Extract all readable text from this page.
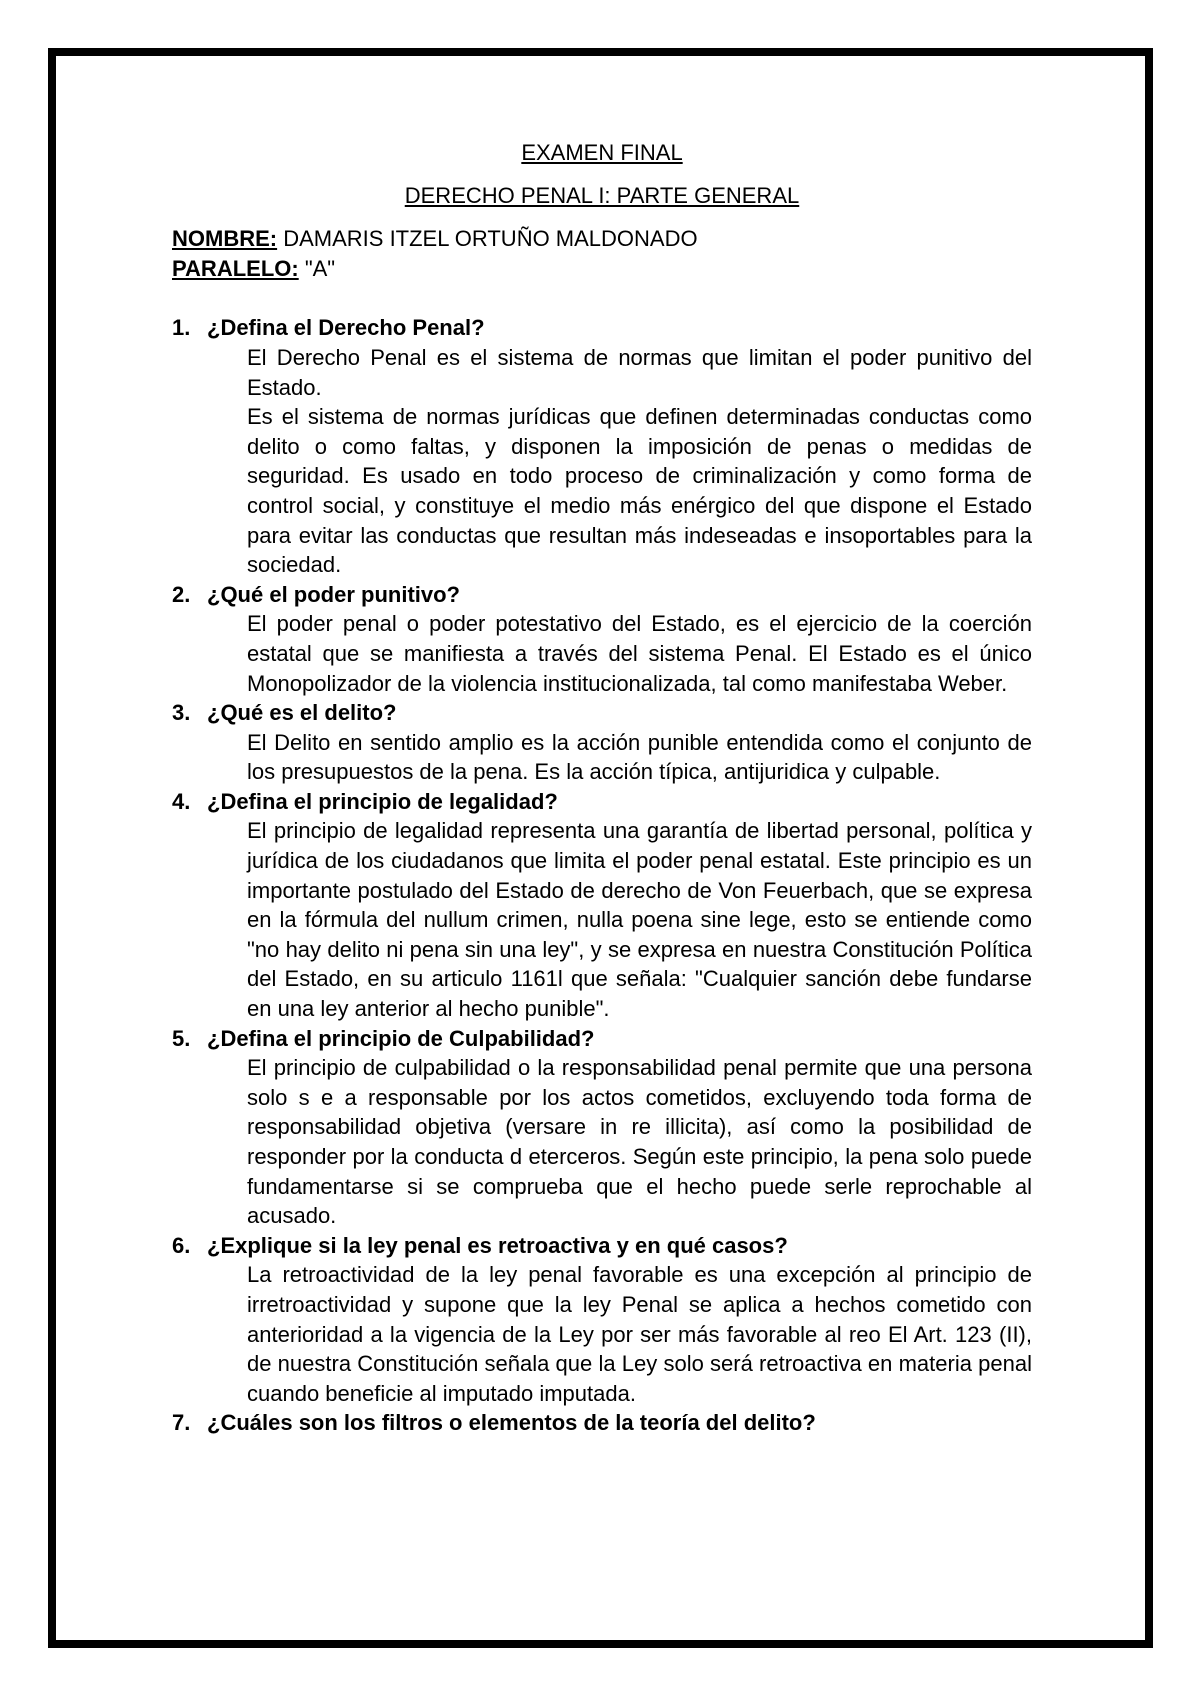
EXAMEN FINAL
DERECHO PENAL I: PARTE GENERAL

NOMBRE: DAMARIS ITZEL ORTUÑO MALDONADO

PARALELO: "A"

1. ¿Defina el Derecho Penal?

El Derecho Penal es el sistema de normas que limitan el poder punitivo del Estado.

Es el sistema de normas jurídicas que definen determinadas conductas como delito o como faltas, y disponen la imposición de penas o medidas de seguridad. Es usado en todo proceso de criminalización y como forma de control social, y constituye el medio más enérgico del que dispone el Estado para evitar las conductas que resultan más indeseadas e insoportables para la sociedad.

2. ¿Qué el poder punitivo?

El poder penal o poder potestativo del Estado, es el ejercicio de la coerción estatal que se manifiesta a través del sistema Penal. El Estado es el único Monopolizador de la violencia institucionalizada, tal como manifestaba Weber.

3. ¿Qué es el delito?

El Delito en sentido amplio es la acción punible entendida como el conjunto de los presupuestos de la pena. Es la acción típica, antijuridica y culpable.

4. ¿Defina el principio de legalidad?

El principio de legalidad representa una garantía de libertad personal, política y jurídica de los ciudadanos que limita el poder penal estatal. Este principio es un importante postulado del Estado de derecho de Von Feuerbach, que se expresa en la fórmula del nullum crimen, nulla poena sine lege, esto se entiende como "no hay delito ni pena sin una ley", y se expresa en nuestra Constitución Política del Estado, en su articulo 1161l que señala: "Cualquier sanción debe fundarse en una ley anterior al hecho punible".

5. ¿Defina el principio de Culpabilidad?

El principio de culpabilidad o la responsabilidad penal permite que una persona solo s e a responsable por los actos cometidos, excluyendo toda forma de responsabilidad objetiva (versare in re illicita), así como la posibilidad de responder por la conducta d eterceros. Según este principio, la pena solo puede fundamentarse si se comprueba que el hecho puede serle reprochable al acusado.

6. ¿Explique si la ley penal es retroactiva y en qué casos?

La retroactividad de la ley penal favorable es una excepción al principio de irretroactividad y supone que la ley Penal se aplica a hechos cometido con anterioridad a la vigencia de la Ley por ser más favorable al reo El Art. 123 (II), de nuestra Constitución señala que la Ley solo será retroactiva en materia penal cuando beneficie al imputado imputada.

7. ¿Cuáles son los filtros o elementos de la teoría del delito?
